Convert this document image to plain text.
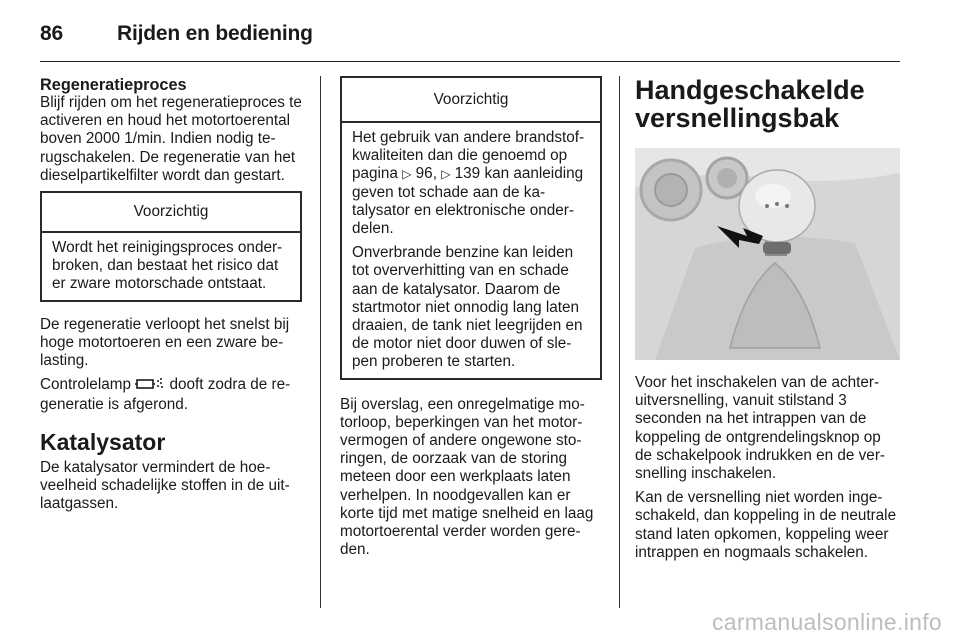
86	Rijden en bediening
Regeneratieproces

Blijf rijden om het regeneratieproces te activeren en houd het motortoerental boven 2000 1/min. Indien nodig terugschakelen. De regeneratie van het dieselpartikelfilter wordt dan gestart.

Voorzichtig

Wordt het reinigingsproces onderbroken, dan bestaat het risico dat er zware motorschade ontstaat.

De regeneratie verloopt het snelst bij hoge motortoeren en een zware belasting.

Controlelamp	dooft zodra de regeneratie is afgerond.

Katalysator

De katalysator vermindert de hoeveelheid schadelijke stoffen in de uitlaatgassen.

Voorzichtig

Het gebruik van andere brandstofkwaliteiten dan die genoemd op pagina ▷ 96, ▷ 139 kan aanleiding geven tot schade aan de katalysator en elektronische onderdelen.

Onverbrande benzine kan leiden tot oververhitting van en schade aan de katalysator. Daarom de startmotor niet onnodig lang laten draaien, de tank niet leegrijden en de motor niet door duwen of slepen proberen te starten.

Bij overslag, een onregelmatige motorloop, beperkingen van het motorvermogen of andere ongewone storingen, de oorzaak van de storing meteen door een werkplaats laten verhelpen. In noodgevallen kan er korte tijd met matige snelheid en laag motortoerental verder worden gereden.

Handgeschakelde versnellingsbak

Voor het inschakelen van de achteruitversnelling, vanuit stilstand 3 seconden na het intrappen van de koppeling de ontgrendelingsknop op de schakelpook indrukken en de versnelling inschakelen.

Kan de versnelling niet worden ingeschakeld, dan koppeling in de neutrale stand laten opkomen, koppeling weer intrappen en nogmaals schakelen.

carmanualsonline.info
